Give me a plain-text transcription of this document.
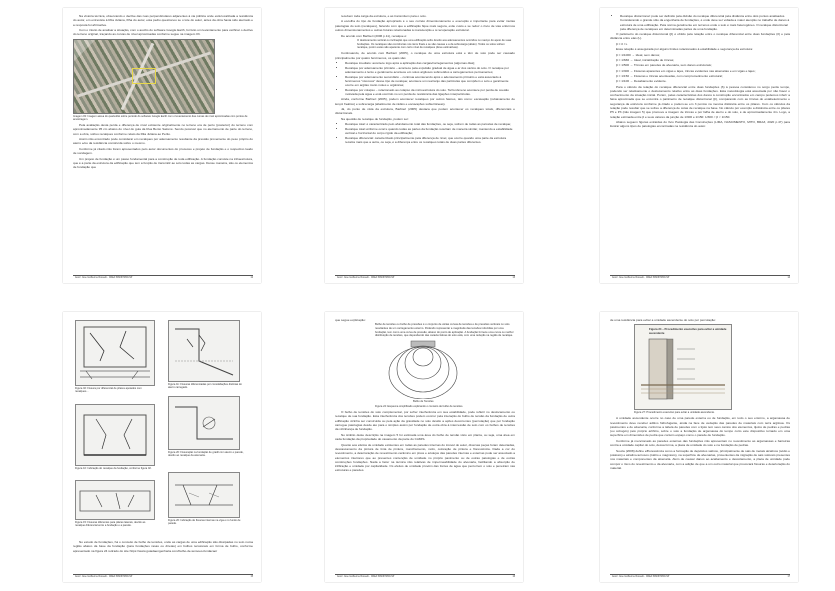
Na vistoria técnica, observando o declive das ruas perpendiculares adjacentes à via pública onde está localizada a residência do autor, em entrevista à Rita Juliana, filha do autor, esta pediu questionou se o lote do autor, antes da obra havia sido aterrado e a resposta foi afirmativa.

Com o intuito de analisar a situação, com o auxílio do software Google Earth, foi feito um levantamento para verificar o declive do terreno original, traçando as curvas de nível aproximadas conforme segue na imagem 03.

Imagem 03: Imagem aérea do quarteirão sobre período do software Google Earth com o levantamento das curvas de nível aproximadas com pontos de amostragem.

Pela avaliação desta perda e diferença de nível existente originalmente no terreno era de perto (posterior) do terreno com aproximadamente 95 cm abaixo do nível do guia da Rua Bento Salomé. Sendo possível que no aterramento de parte do terreno, com a obra, sofreu recalques conforme relato da Rita Juliana ao Perito.

Assim não encontrado pode considerar em recalques por adensamento resultante da pressão proveniente do peso próprio do aterro e/ou da residência construída sobre o mesmo.

Conforme já citado não foram apresentados pelo autor documentos do processo e projeto de fundação e o respectivo laudo de sondagem.

Um projeto de fundação é um passo fundamental para a construção de toda edificação. A fundação consiste na infraestrutura, que é a parte da estrutura da edificação que tem a função de transmitir ao solo todas as cargas. Desse maneira, são os elementos de fundação que

Autor: Jose Guilherme Rossetti - CREA 5060670800-SP	12

recebem toda carga da estrutura, e as transmitem para o solo.

A escolha do tipo de fundação apropriado é o seu correto dimensionamento e execução é importante para evitar muitas patologias do solo (recalques), fazendo com que a edificação fique mais segura, evite custo e se reduz o risco de vias enfermos outros dimensionamentos e outras futuras relacionadas à manutenção e à recuperação estrutural.

De acordo com Barbieri (2006 p.11), recalque é:

O deslocamento vertical ou inclinação que uma edificação sofre devido aos adensamentos ocorridos no maciço do apoio de suas fundações. Os recalques são ocorrências nos itens finais e se são causas e a da sobrecarga (abalo). Todos os solos sofrem recalque, porém estes são aparente com certo nível de recalques (deve estimativas).

Continuando, de acordo com Barbieri (2005), o recalque de uma estrutura está e têm de solo pode ser causado principalmente por quatro fenômenos, os quais são:

• Recalque imediato: acontece logo após a aplicação das cargas/carregamentos (algumas dias);
• Recalque por adensamento primário – acontece pela expulsão gradual de água e ar dos vazios do solo. O recalque por adensamento é lento e geralmente acontece em solos argilosos submetidos a carregamentos permanentes;
• Recalque por adensamento secundário – continua acontecendo após o adensamento primário e está associado à fenômenos "viscosos" desse tipo de recalque; acontece um rearranjo das partículas que compõem o solo e geralmente ocorre em argilas muito moles e orgânicas;
• Recalque por colapso – relacionado ao colapso da microestrutura do solo. Tal fenômeno acontece por perda de coesão motivada pela água e está ocorrido no um perda de resistência das ligações interpartículas.

Ainda, conforme Barbieri (2005), podem acontecer recalques por outros fatores, tais como: escavação (rebaixamento de lençol freático) e sobrecarga (abatimento de rádios e escavações subterrâneas).

Já, do ponto de vista da estrutura, Barbieri (2005) destaca que podem acontecer os recalques totais, diferenciais e distorcionais.

Na questão de recalque de fundação, podem ser:

• Recalque total: é caracterizado pelo afundamento total das fundações, ou seja, sofrem de todas as parcelas de recalque;
• Recalque total uniforme ocorre quando todas as partes da fundação resultam de maneira similar, mantendo a estabilidade vertical e horizontal do corpo rígido da edificação;
• Recalque diferencial: caracterizado principalmente pela diferença de nível, que ocorre quando uma parte da estrutura recalca mais que a outra, ou seja, é a diferença entre os recalques totais de duas partes diferentes.
Autor: Jose Guilherme Rossetti - CREA 5060670800-SP	13
• Recalque distorcional: pode ser definido pela divisão do recalque diferencial pela distância entre dois pontos analisados. Considerando o grande sítio da engenharia de fundações, é onde deve ser voltada a maior atenção no trabalho de danos à estrutura de uma edificação. Pela norma geralmente em terrenos onde o solo é mais heterogêneo. O recalque distorcional pela diferença de recalques em determinadas partes de uma fundação.

O parâmetro do recalque distorcional (β) é obtido pela relação entre o recalque diferencial entre duas fundações (δ) e pela distância entre elas (L).

β = δ / L

Essa relação é assegurada por alguns limites relacionados à estabilidade e segurança da estrutura:

β = 1/1000 → Ideal, sem danos;
β = 1/666 → Ideal, inicialização de trincas;
β = 1/500 → Trincas em paredes de alvenaria, sem danos estruturais;
β = 1/300 → Fissuras aparentes em vigas e lajes, trincas evidentes nas alvenarias e em vigas e lajes;
β = 1/150 → Fissuras e trincas acentuadas, com comprometimento estrutural;
β = 1/100 → Desabamento evidente.

Para o cálculo da relação do recalque diferencial entre duas fundações (δ) à pessoa considerou no sorgo perde tempo, podendo ser relativamente o deslocamento relativo entre as duas fundações. Esta metodologia está associada por não haver o conhecimento da situação inicial. Porém, pelas características dos danos à construção encontrados em campo podemos inferir a faixa aproximada que se encontra o parâmetro de recalque distorcional (β), comparando com as trincas do estabelecimento e segurança da estrutura conforme já citado e podem-se em 3 pontos na mesma distância entre os pilares. Com os cálculos da relação pode resultar que se sofreu a diferença de cotas de recalque na base. No cálculo por exemplo a distância entre os pilares P5 e P3 (não imagem 5) que promove a imagem de trincas e por falha de aterro e do solo, é de aproximadamente 4m. Logo, a relação estimada entre β e seus valores da junção de 1/300 e 1/150: 1/300 < β < 1/150.

Abaixo seguem figuras extraídas do livro Patologia das Construções (LIMA, NASCIMENTO, MITO, BRAZ, 2020 p.47) para ilustrar alguns tipos de patologias encontradas na residência do autor.

Autor: Jose Guilherme Rossetti - CREA 5060670800-SP	14
Figura 02: Fissura por diferencial de pilares apoiados com recalques...
Figura 1b: Fissuras diferenciadas por consolidações distintas do aterro carregado.
Figura 10: Indicação do recalque da fundação, conforme figura 02.
Figura 20: Fissuração na fundação de gradil com aterro e parede, devido ao recalque da alvenaria.
Figura 15: Fissuras diferentes para pilares laterais, devido ao recalque diferencial entre a fundação e a parede.
Figura 26: Indicação de fissuras internas na viga e no fundo de parede.

No estudo de fundações, há o conceito de bulbo de tensões, onde as cargas de uma edificação são dissipadas no solo numa região abaixo da base da fundação (para fundações rasas ou diretas) em bulbos tensionais em forma de bulbo, conforme apresentado na figura 24 retirado do site https://www.guiadaengenharia.com/bulbo-de-tensoes-fundacao/

Autor: Jose Guilherme Rossetti - CREA 5060670800-SP	15

que segue explicação:

Bulbo de tensões ou bulbo de pressões é o conjunto de várias curvas de tensões e de pressões verticais no solo resultantes de um carregamento externo. Podendo representar a magnitude das tensões induzidas por uma fundação, tem como uma curva de pressão, abaixo do ponto de aplicação. A fundação fornece uma curva ou melhor distribuição de tensões, que dependendo das características do solo está, com uma redução na região de recalque.
Bulbo de Tensões
Figura 24: Esquema simplificado explicando o conceito de bulbo de tensões.

O bulbo de tensões do solo complementar, por sofrer interferência em sua estabilidade, pode refletir no deslocamento ou recalque de sua fundação. Esta interferência dos tensões podem ocorrer pela interação do bulbo de tensão da fundação de outra edificação vizinha ser construída ou pela ação da gravidade no solo devido a ações decorrentes (percolação) que por fundação carregue patologias desde ato para o simples assim por fundação de outra obra à intercessão de solo com os bulbos de tensões da vizinhança de fundação.

No âmbito deste descrição na imagem 5 foi estimada uma área do bulbo de tensão visto em planta, ou seja, uma área em cada fundação da propriedade do casamento da parte do CAMIS.

Quanto aos efeitos de umidade existentes em todas as paredes internas do imóvel do autor, diversas peças foram detectadas, descascamento da pintura de tinta de pintura, manchamento, mofo, coloração de pintura e florescência. Dada a cor do revestimento, a deterioração de revestimento cerâmico em pisos e azulejos das paredes internas e externas pode ser associado a elementos interiores que ao presentes contenção de umidade no próprio pavimento ou de outras patologias e de outras construções fundações. Nada a fazer na técnica não relativas de impermeabilidade do alvenaria, facilitando a absorção de infiltração e umidade por capilaridade. Os efeitos de umidade provêm das fontes de água que percorrem o solo e penetram nas estruturas e paredes.

Autor: Jose Guilherme Rossetti - CREA 5060670800-SP	16

de uma residência para evitar a umidade ascendente do solo por percolação:

Figura 24 – Procedimento executivo para evitar a umidade ascendente
Figura 27: Procedimento executivo para evitar a umidade ascendente.

A umidade ascendente ocorre no caso de uma parede externa ou de fundação, em todo o seu entorno, a argamassa de revestimento deve receber aditivo hidrofugante, ainda na face de vedação das paredes de materiais com terra argilosa. Os pavimentos e de alvenaria, conforme a tabela de paredes com o tijolo tem seus cantos dos elementos, tijolos de pedras e pedras (ou cobogós) pelo próprio artifício, sobre o solo a fundação de argamassa do tempo curto este dispositivo tornado em uma superfície em dimensões de pedra que contém espaço como o parede de fundação.

Conforme já mencionado as paredes externas das fundações não apresentam no revestimento as argamassas e barreiras contra a umidade capilar do solo, dessa forma, a placa de umidade do solo e na fundação de pedras.

Souza (2008) define efflorescência como a formação de depósitos salinos, principalmente de sais de metais alcalinos (sódio e potássio) e alcalino-terrosos (cálcio e magnésio), na superfície de alvenarias, provenientes da migração de sais solúveis presentes nos materiais e componentes da alvenaria. Além de causar danos ao acabamento e descolamento, a placa de umidade pode compor o risco do revestimento e da alvenaria, com a adição de que a um outro material que provocará fissuras e deterioração do material.

Autor: Jose Guilherme Rossetti - CREA 5060670800-SP	17
